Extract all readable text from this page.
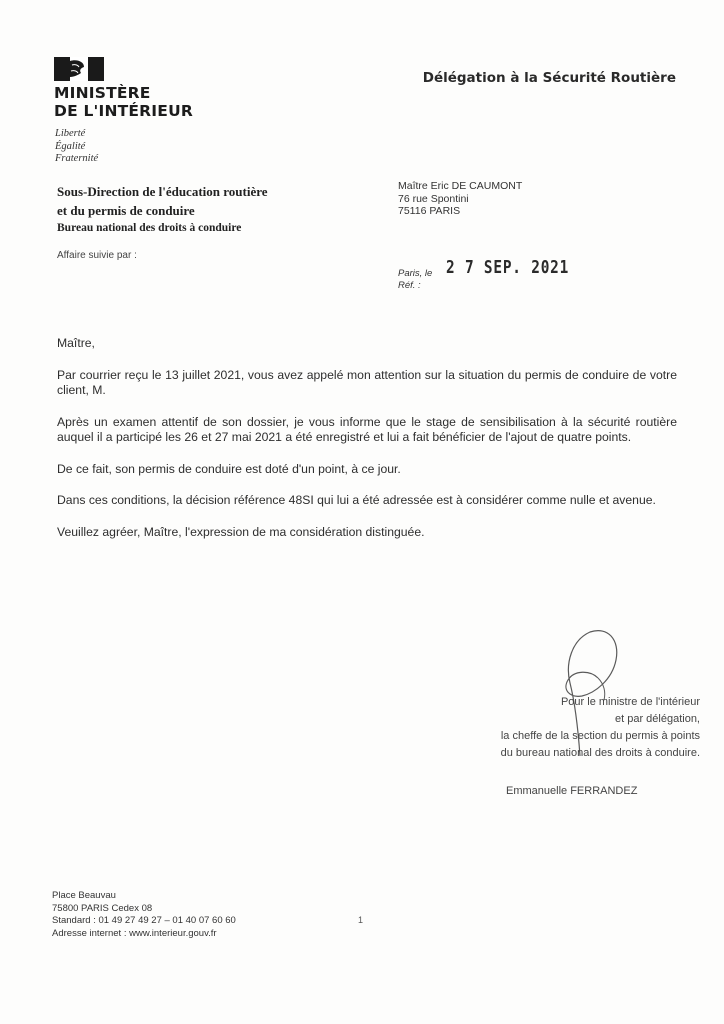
MINISTÈRE
DE L'INTÉRIEUR
Liberté
Égalité
Fraternité
Délégation à la Sécurité Routière
Sous-Direction de l'éducation routière
et du permis de conduire
Bureau national des droits à conduire
Affaire suivie par :
Maître Eric DE CAUMONT
76 rue Spontini
75116 PARIS
Paris, le 2 7 SEP. 2021
Réf. :

Maître,

Par courrier reçu le 13 juillet 2021, vous avez appelé mon attention sur la situation du permis de conduire de votre client, M.

Après un examen attentif de son dossier, je vous informe que le stage de sensibilisation à la sécurité routière auquel il a participé les 26 et 27 mai 2021 a été enregistré et lui a fait bénéficier de l'ajout de quatre points.

De ce fait, son permis de conduire est doté d'un point, à ce jour.

Dans ces conditions, la décision référence 48SI qui lui a été adressée est à considérer comme nulle et avenue.

Veuillez agréer, Maître, l'expression de ma considération distinguée.

Pour le ministre de l'intérieur
et par délégation,
la cheffe de la section du permis à points
du bureau national des droits à conduire.
Emmanuelle FERRANDEZ
Place Beauvau
75800 PARIS Cedex 08
Standard : 01 49 27 49 27 – 01 40 07 60 60
Adresse internet : www.interieur.gouv.fr
1
